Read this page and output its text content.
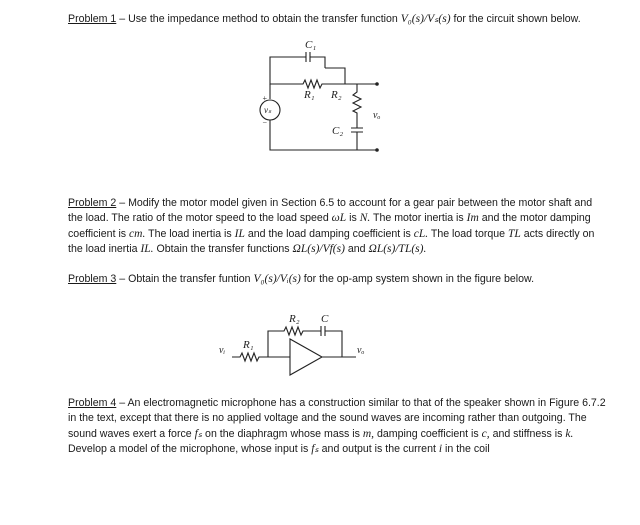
Problem 1 – Use the impedance method to obtain the transfer function V₀(s)/Vₛ(s) for the circuit shown below.
C₁
R₁ R₂
C₂
vₛ	vₒ
+
−
Problem 2 – Modify the motor model given in Section 6.5 to account for a gear pair between the motor shaft and the load. The ratio of the motor speed to the load speed ωL is N. The motor inertia is Im and the motor damping coefficient is cm. The load inertia is IL and the load damping coefficient is cL. The load torque TL acts directly on the load inertia IL. Obtain the transfer functions ΩL(s)/Vf(s) and ΩL(s)/TL(s).
Problem 3 – Obtain the transfer funtion V₀(s)/Vᵢ(s) for the op-amp system shown in the figure below.
R₂ C
R₁
vᵢ	vₒ
Problem 4 – An electromagnetic microphone has a construction similar to that of the speaker shown in Figure 6.7.2 in the text, except that there is no applied voltage and the sound waves are incoming rather than outgoing. The sound waves exert a force fₛ on the diaphragm whose mass is m, damping coefficient is c, and stiffness is k. Develop a model of the microphone, whose input is fₛ and output is the current i in the coil
